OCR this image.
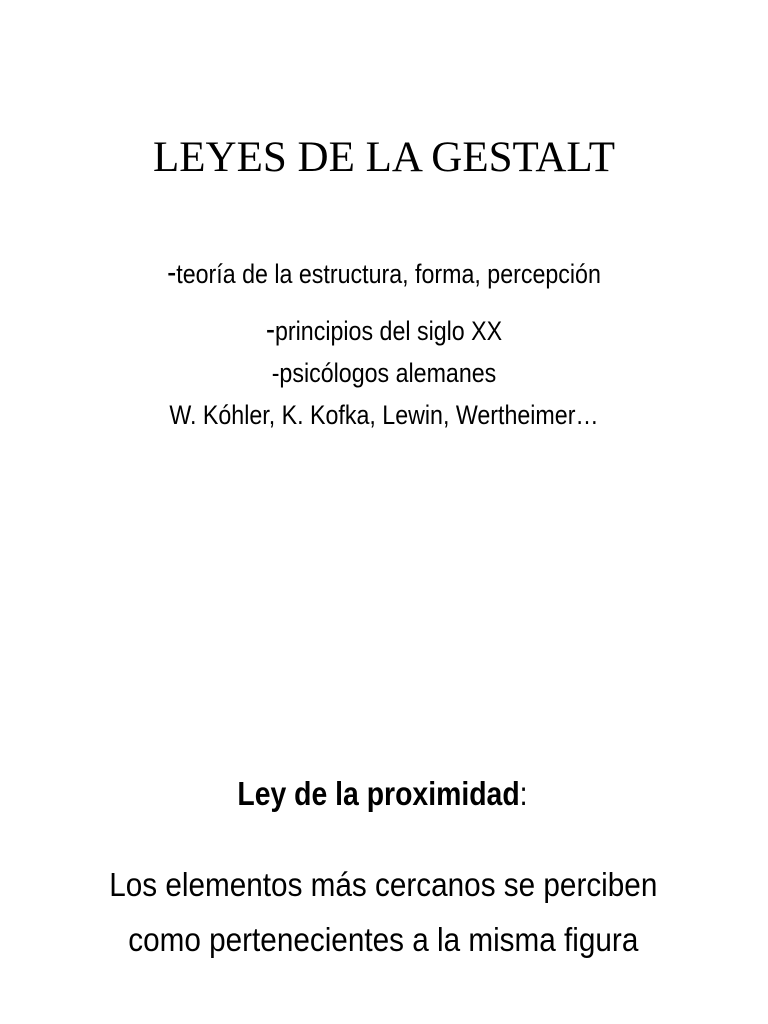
LEYES DE LA GESTALT
-teoría de la estructura, forma, percepción
-principios del siglo XX
-psicólogos alemanes
W. Kóhler, K. Kofka, Lewin, Wertheimer…
Ley de la proximidad:
Los elementos más cercanos se perciben
como pertenecientes a la misma figura
